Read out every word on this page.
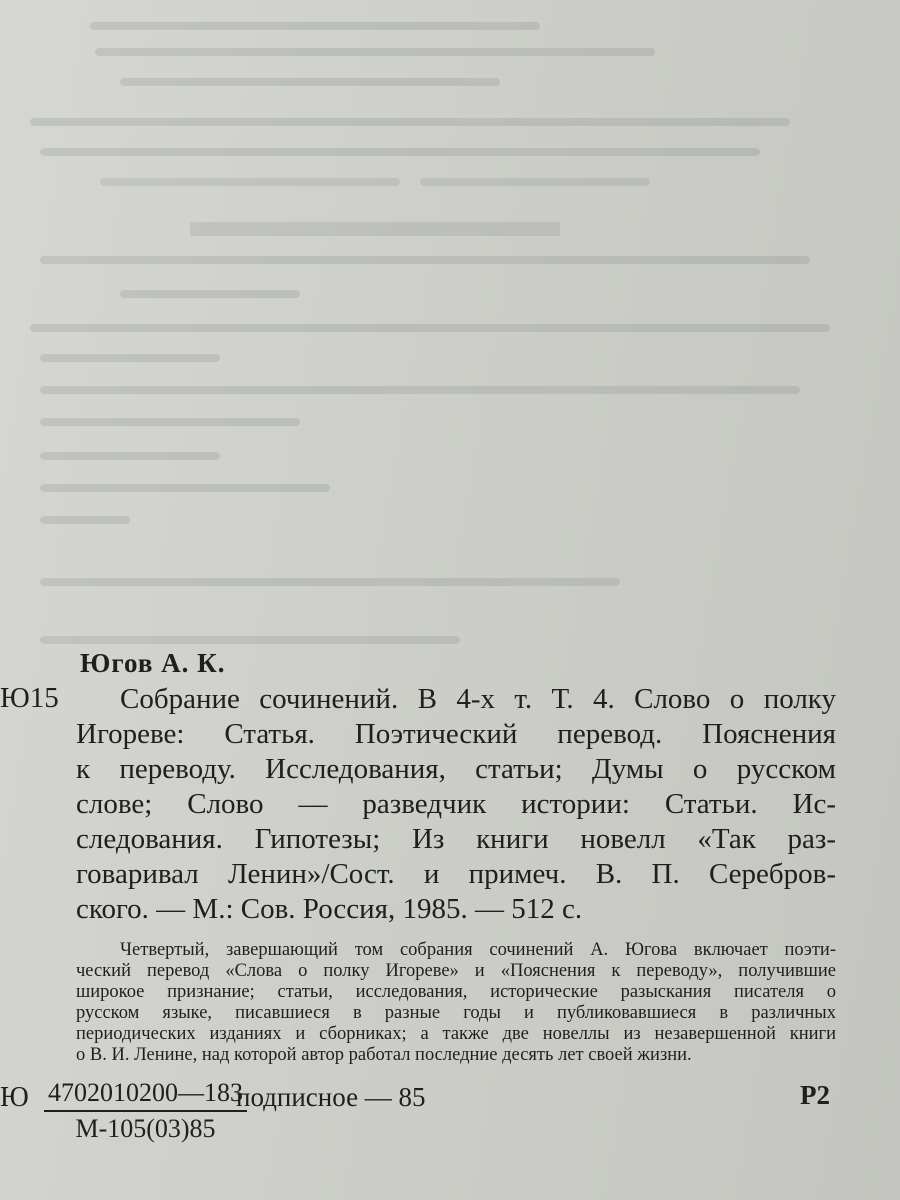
Югов А. К.
Ю15	Собрание сочинений. В 4-х т. Т. 4. Слово о полку
Игореве: Статья. Поэтический перевод. Пояснения
к переводу. Исследования, статьи; Думы о русском
слове; Слово — разведчик истории: Статьи. Ис-
следования. Гипотезы; Из книги новелл «Так раз-
говаривал Ленин»/Сост. и примеч. В. П. Серебров-
ского. — М.: Сов. Россия, 1985. — 512 с.
Четвертый, завершающий том собрания сочинений А. Югова включает поэти-
ческий перевод «Слова о полку Игореве» и «Пояснения к переводу», получившие
широкое признание; статьи, исследования, исторические разыскания писателя о
русском языке, писавшиеся в разные годы и публиковавшиеся в различных
периодических изданиях и сборниках; а также две новеллы из незавершенной книги
о В. И. Ленине, над которой автор работал последние десять лет своей жизни.
Ю 4702010200—183
М-105(03)85
подписное — 85	Р2
